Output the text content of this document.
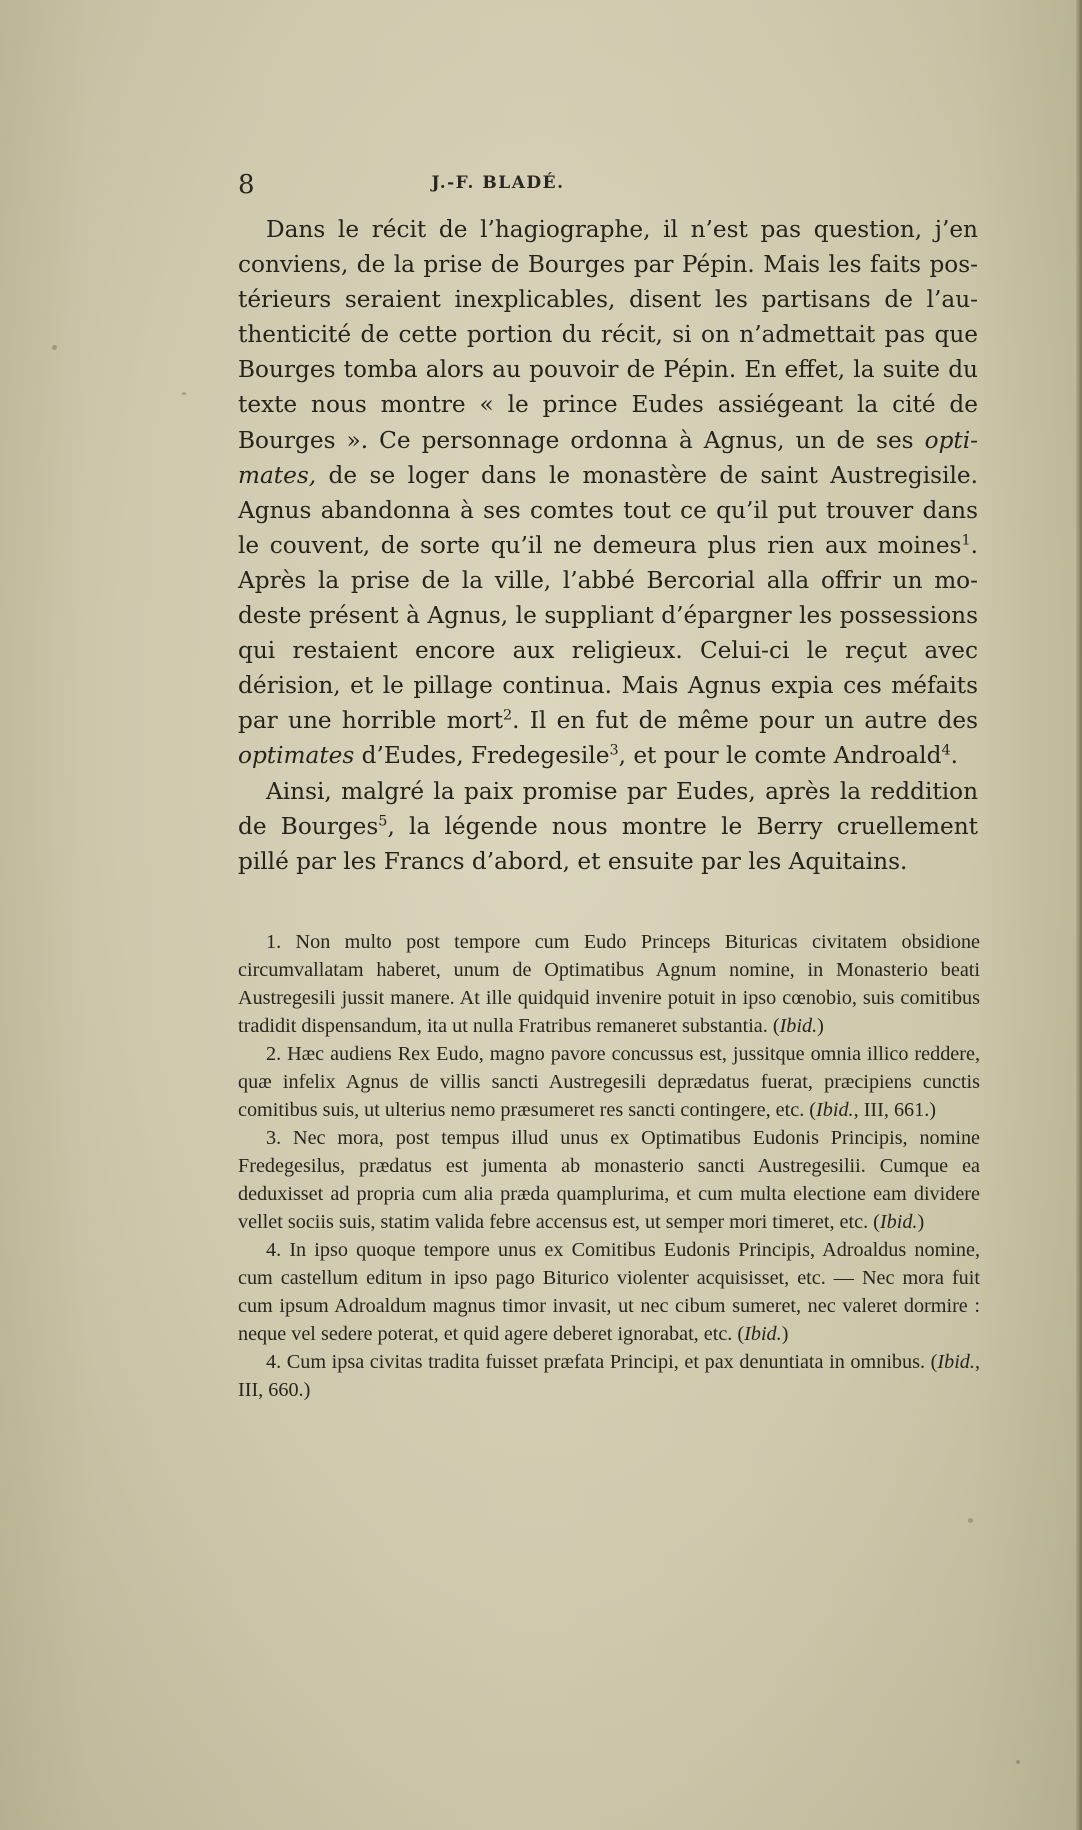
8	J.-F. BLADÉ.

Dans le récit de l’hagiographe, il n’est pas question, j’en conviens, de la prise de Bourges par Pépin. Mais les faits postérieurs seraient inexplicables, disent les partisans de l’authenticité de cette portion du récit, si on n’admettait pas que Bourges tomba alors au pouvoir de Pépin. En effet, la suite du texte nous montre « le prince Eudes assiégeant la cité de Bourges ». Ce personnage ordonna à Agnus, un de ses optimates, de se loger dans le monastère de saint Austregisile. Agnus abandonna à ses comtes tout ce qu’il put trouver dans le couvent, de sorte qu’il ne demeura plus rien aux moines$^1$. Après la prise de la ville, l’abbé Bercorial alla offrir un modeste présent à Agnus, le suppliant d’épargner les possessions qui restaient encore aux religieux. Celui-ci le reçut avec dérision, et le pillage continua. Mais Agnus expia ces méfaits par une horrible mort$^2$. Il en fut de même pour un autre des optimates d’Eudes, Fredegesile$^3$, et pour le comte Androald$^4$.

Ainsi, malgré la paix promise par Eudes, après la reddition de Bourges$^5$, la légende nous montre le Berry cruellement pillé par les Francs d’abord, et ensuite par les Aquitains.

1. Non multo post tempore cum Eudo Princeps Bituricas civitatem obsidione circumvallatam haberet, unum de Optimatibus Agnum nomine, in Monasterio beati Austregesili jussit manere. At ille quidquid invenire potuit in ipso cœnobio, suis comitibus tradidit dispensandum, ita ut nulla Fratribus remaneret substantia. (Ibid.)

2. Hæc audiens Rex Eudo, magno pavore concussus est, jussitque omnia illico reddere, quæ infelix Agnus de villis sancti Austregesili deprædatus fuerat, præcipiens cunctis comitibus suis, ut ulterius nemo præsumeret res sancti contingere, etc. (Ibid., III, 661.)

3. Nec mora, post tempus illud unus ex Optimatibus Eudonis Principis, nomine Fredegesilus, prædatus est jumenta ab monasterio sancti Austregesilii. Cumque ea deduxisset ad propria cum alia præda quamplurima, et cum multa electione eam dividere vellet sociis suis, statim valida febre accensus est, ut semper mori timeret, etc. (Ibid.)

4. In ipso quoque tempore unus ex Comitibus Eudonis Principis, Adroaldus nomine, cum castellum editum in ipso pago Biturico violenter acquisisset, etc. — Nec mora fuit cum ipsum Adroaldum magnus timor invasit, ut nec cibum sumeret, nec valeret dormire : neque vel sedere poterat, et quid agere deberet ignorabat, etc. (Ibid.)

4. Cum ipsa civitas tradita fuisset præfata Principi, et pax denuntiata in omnibus. (Ibid., III, 660.)
